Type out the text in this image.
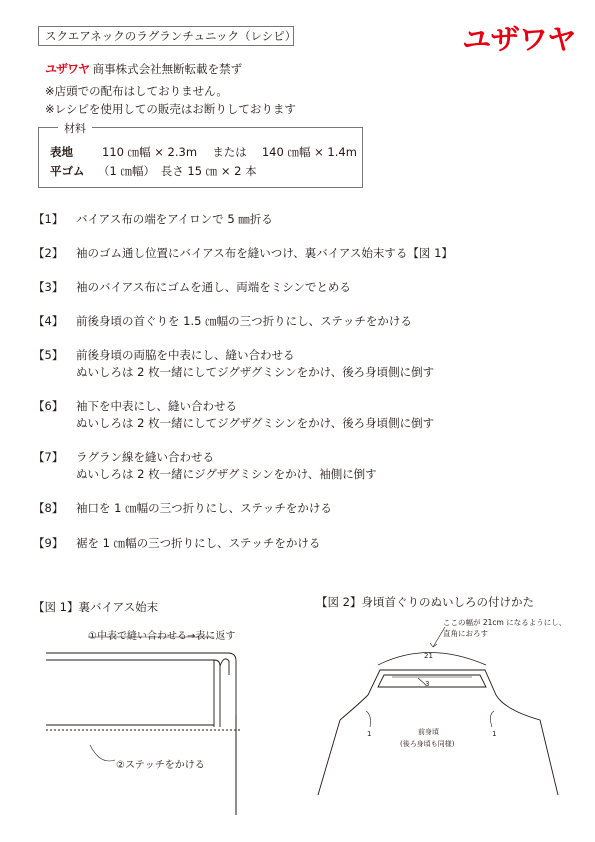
スクエアネックのラグランチュニック（レシピ）	ユザワヤ
ユザワヤ 商事株式会社無断転載を禁ず
※店頭での配布はしておりません。
※レシピを使用しての販売はお断りしております
材料
表地	110 ㎝幅 × 2.3m　 または　 140 ㎝幅 × 1.4m
平ゴム （1 ㎝幅）　長さ 15 ㎝ × 2 本
【1】 バイアス布の端をアイロンで 5 ㎜折る
【2】 袖のゴム通し位置にバイアス布を縫いつけ、裏バイアス始末する【図 1】
【3】 袖のバイアス布にゴムを通し、両端をミシンでとめる
【4】 前後身頃の首ぐりを 1.5 ㎝幅の三つ折りにし、ステッチをかける
【5】 前後身頃の両脇を中表にし、縫い合わせる
ぬいしろは 2 枚一緒にしてジグザグミシンをかけ、後ろ身頃側に倒す
【6】 袖下を中表にし、縫い合わせる
ぬいしろは 2 枚一緒にしてジグザグミシンをかけ、後ろ身頃側に倒す
【7】 ラグラン線を縫い合わせる
ぬいしろは 2 枚一緒にジグザグミシンをかけ、袖側に倒す
【8】 袖口を 1 ㎝幅の三つ折りにし、ステッチをかける
【9】 裾を 1 ㎝幅の三つ折りにし、ステッチをかける
【図 1】裏バイアス始末
①中表で縫い合わせる→表に返す
②ステッチをかける
【図 2】身頃首ぐりのぬいしろの付けかた
ここの幅が 21cm になるようにし、
直角におろす
21
3
1	1
前身頃
(後ろ身頃も同様)
